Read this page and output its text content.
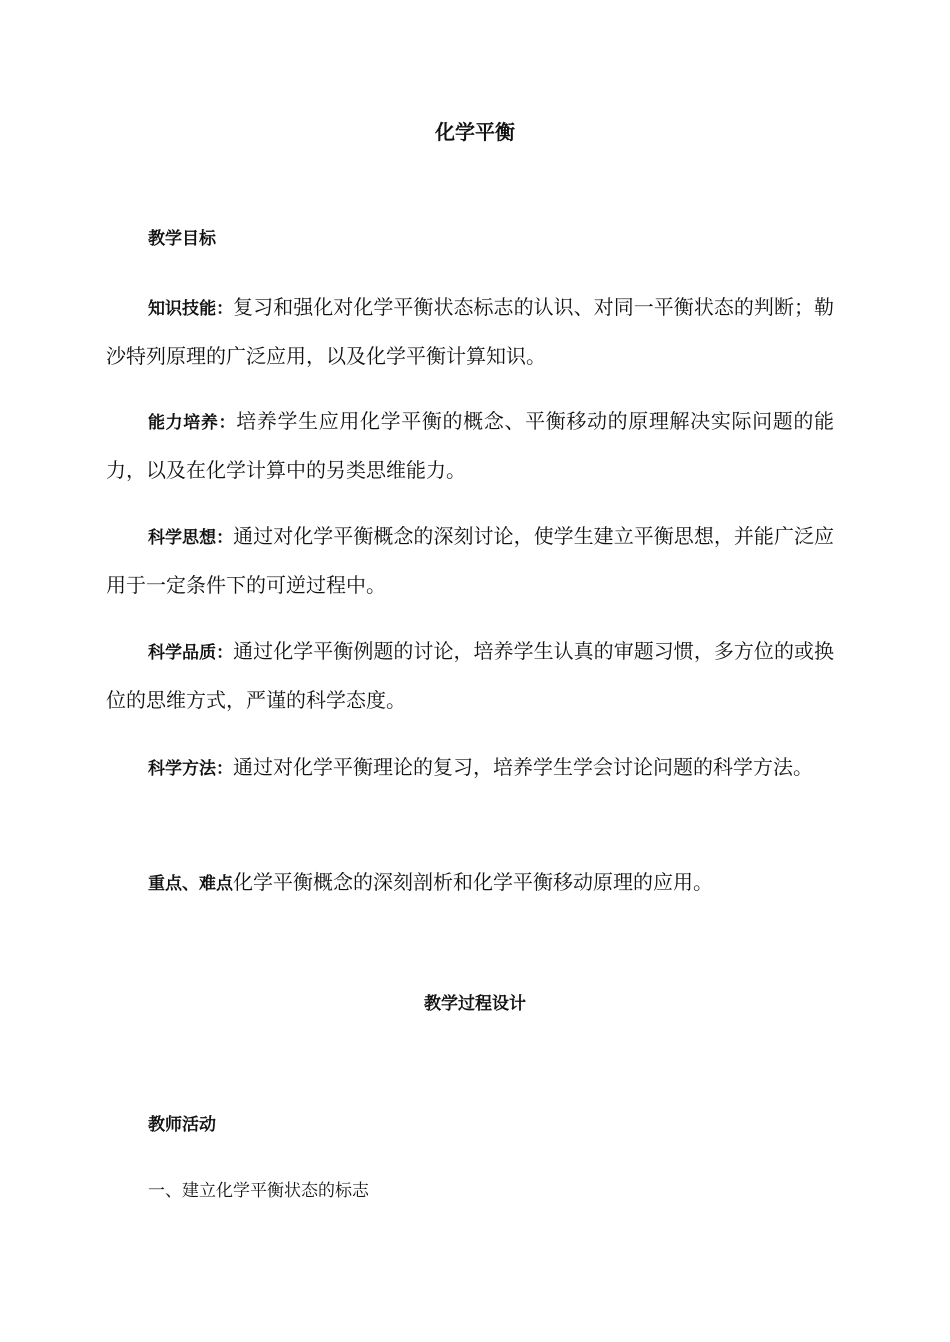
化学平衡
教学目标
知识技能：复习和强化对化学平衡状态标志的认识、对同一平衡状态的判断；勒沙特列原理的广泛应用，以及化学平衡计算知识。
能力培养：培养学生应用化学平衡的概念、平衡移动的原理解决实际问题的能力，以及在化学计算中的另类思维能力。
科学思想：通过对化学平衡概念的深刻讨论，使学生建立平衡思想，并能广泛应用于一定条件下的可逆过程中。
科学品质：通过化学平衡例题的讨论，培养学生认真的审题习惯，多方位的或换位的思维方式，严谨的科学态度。
科学方法：通过对化学平衡理论的复习，培养学生学会讨论问题的科学方法。
重点、难点化学平衡概念的深刻剖析和化学平衡移动原理的应用。
教学过程设计
教师活动
一、建立化学平衡状态的标志
